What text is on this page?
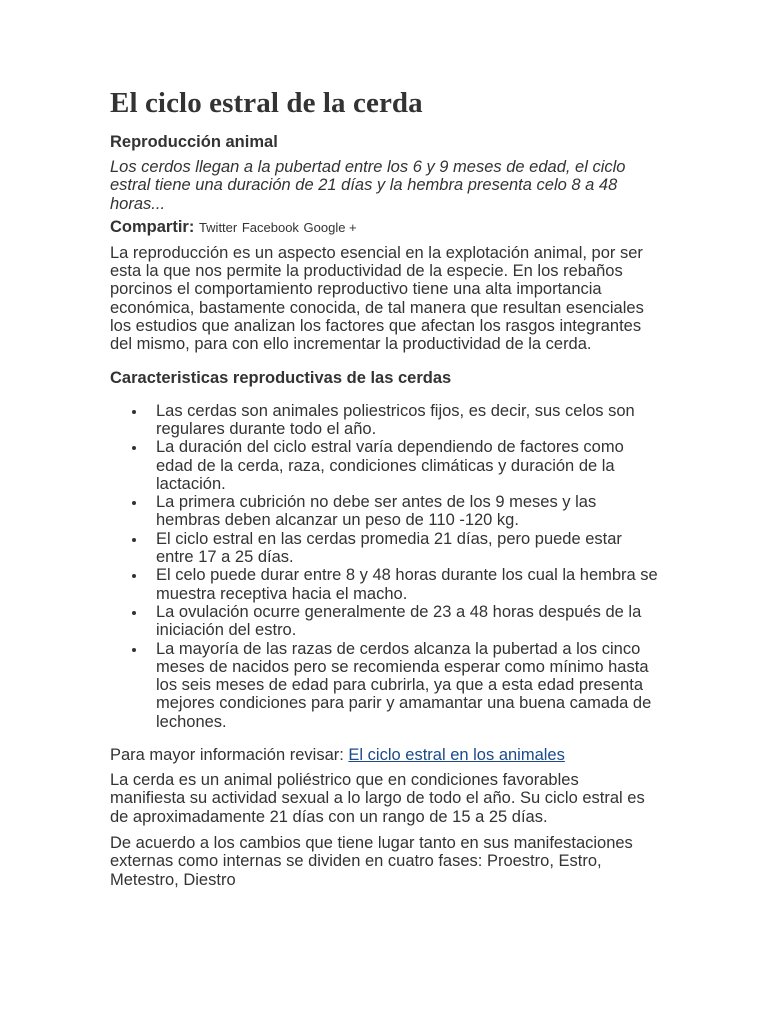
El ciclo estral de la cerda
Reproducción animal

Los cerdos llegan a la pubertad entre los 6 y 9 meses de edad, el ciclo estral tiene una duración de 21 días y la hembra presenta celo 8 a 48 horas...

Compartir: Twitter Facebook Google +

La reproducción es un aspecto esencial en la explotación animal, por ser esta la que nos permite la productividad de la especie. En los rebaños porcinos el comportamiento reproductivo tiene una alta importancia económica, bastamente conocida, de tal manera que resultan esenciales los estudios que analizan los factores que afectan los rasgos integrantes del mismo, para con ello incrementar la productividad de la cerda.

Caracteristicas reproductivas de las cerdas
Las cerdas son animales poliestricos fijos, es decir, sus celos son regulares durante todo el año.
La duración del ciclo estral varía dependiendo de factores como edad de la cerda, raza, condiciones climáticas y duración de la lactación.
La primera cubrición no debe ser antes de los 9 meses y las hembras deben alcanzar un peso de 110 -120 kg.
El ciclo estral en las cerdas promedia 21 días, pero puede estar entre 17 a 25 días.
El celo puede durar entre 8 y 48 horas durante los cual la hembra se muestra receptiva hacia el macho.
La ovulación ocurre generalmente de 23 a 48 horas después de la iniciación del estro.
La mayoría de las razas de cerdos alcanza la pubertad a los cinco meses de nacidos pero se recomienda esperar como mínimo hasta los seis meses de edad para cubrirla, ya que a esta edad presenta mejores condiciones para parir y amamantar una buena camada de lechones.

Para mayor información revisar: El ciclo estral en los animales

La cerda es un animal poliéstrico que en condiciones favorables manifiesta su actividad sexual a lo largo de todo el año. Su ciclo estral es de aproximadamente 21 días con un rango de 15 a 25 días.

De acuerdo a los cambios que tiene lugar tanto en sus manifestaciones externas como internas se dividen en cuatro fases: Proestro, Estro, Metestro, Diestro
